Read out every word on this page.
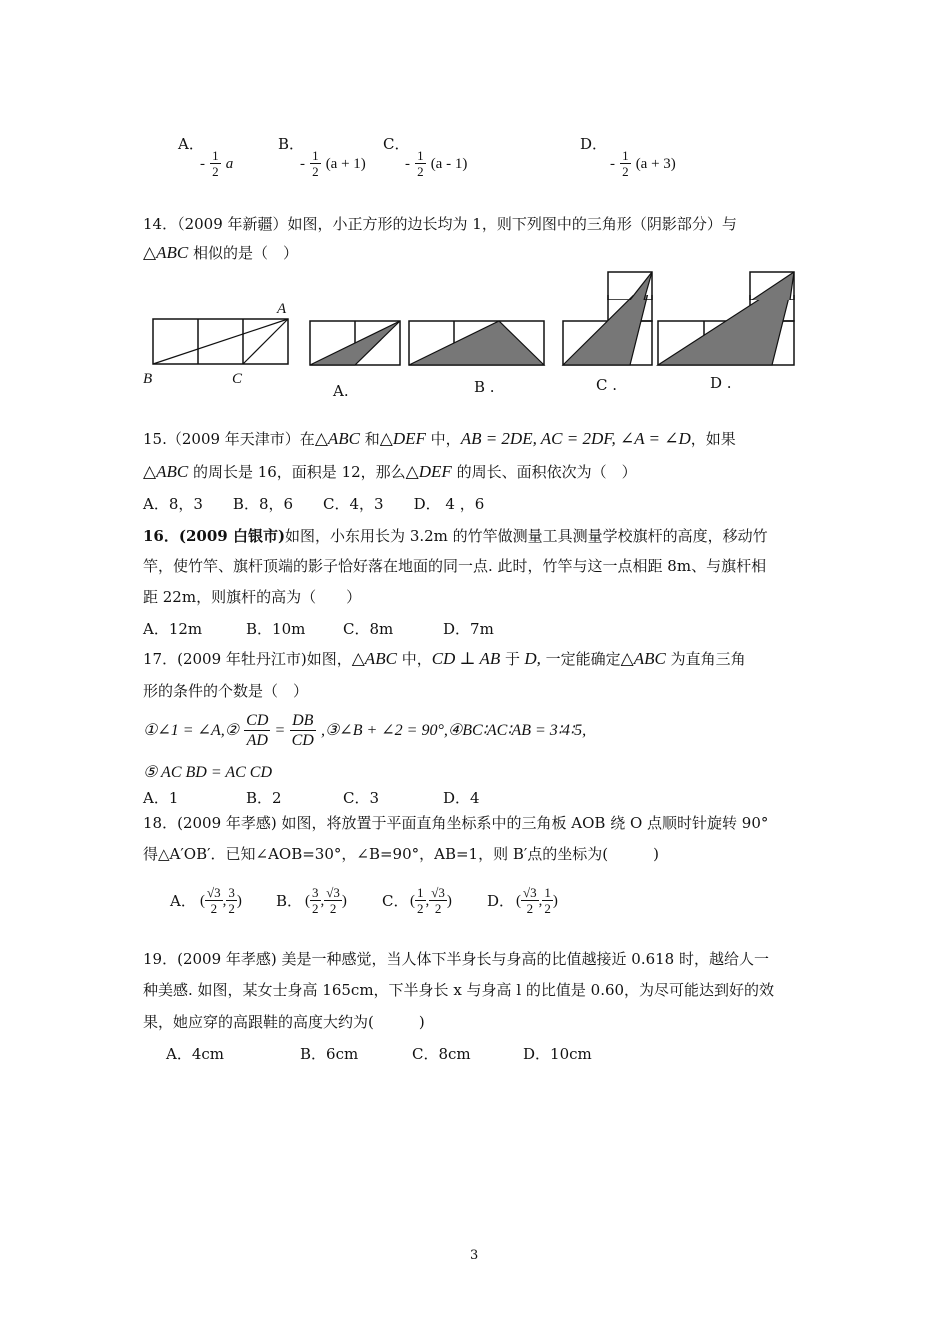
A．
- $\frac{1}{2}$ a
B．
- $\frac{1}{2} (a + 1)$
C．
- $\frac{1}{2} (a - 1)$
D．
- $\frac{1}{2} (a + 3)$
14．（2009 年新疆）如图，小正方形的边长均为 1，则下列图中的三角形（阴影部分）与
△ABC 相似的是（　）
A
B	C
A.	B .	C .	D .
15.（2009 年天津市）在△ABC 和△DEF 中，AB = 2DE, AC = 2DF, ∠A = ∠D，如果
△ABC 的周长是 16，面积是 12，那么△DEF 的周长、面积依次为（　）
A．8，3　　B．8，6　　C．4，3　　D． 4 ，6
16．(2009 白银市)如图，小东用长为 3.2m 的竹竿做测量工具测量学校旗杆的高度，移动竹
竿，使竹竿、旗杆顶端的影子恰好落在地面的同一点. 此时，竹竿与这一点相距 8m、与旗杆相
距 22m，则旗杆的高为（　　）
A．12m	B．10m	C．8m	D．7m
17．(2009 年牡丹江市)如图，△ABC 中，CD ⊥ AB 于 D, 一定能确定△ABC 为直角三角
形的条件的个数是（　）
①∠1 = ∠A,② $\frac{CD}{AD} = \frac{DB}{CD}$ ,③∠B + ∠2 = 90°,④BC∶AC∶AB = 3∶4∶5,
⑤ AC BD = AC CD
A．1	B．2	C．3	D．4
18．(2009 年孝感) 如图，将放置于平面直角坐标系中的三角板 AOB 绕 O 点顺时针旋转 90°
得△A′OB′．已知∠AOB=30°，∠B=90°，AB=1，则 B′点的坐标为(　　　)
A． ( $\frac{√3}{2}$ , $\frac{3}{2}$ ) B． ( $\frac{3}{2}$ , $\frac{√3}{2}$ ) C． ( $\frac{1}{2}$ , $\frac{√3}{2}$ ) D． ( $\frac{√3}{2}$ , $\frac{1}{2}$ )
19．(2009 年孝感) 美是一种感觉，当人体下半身长与身高的比值越接近 0.618 时，越给人一
种美感. 如图，某女士身高 165cm，下半身长 x 与身高 l 的比值是 0.60，为尽可能达到好的效
果，她应穿的高跟鞋的高度大约为(　　　)
A．4cm	B．6cm	C．8cm	D．10cm
3
